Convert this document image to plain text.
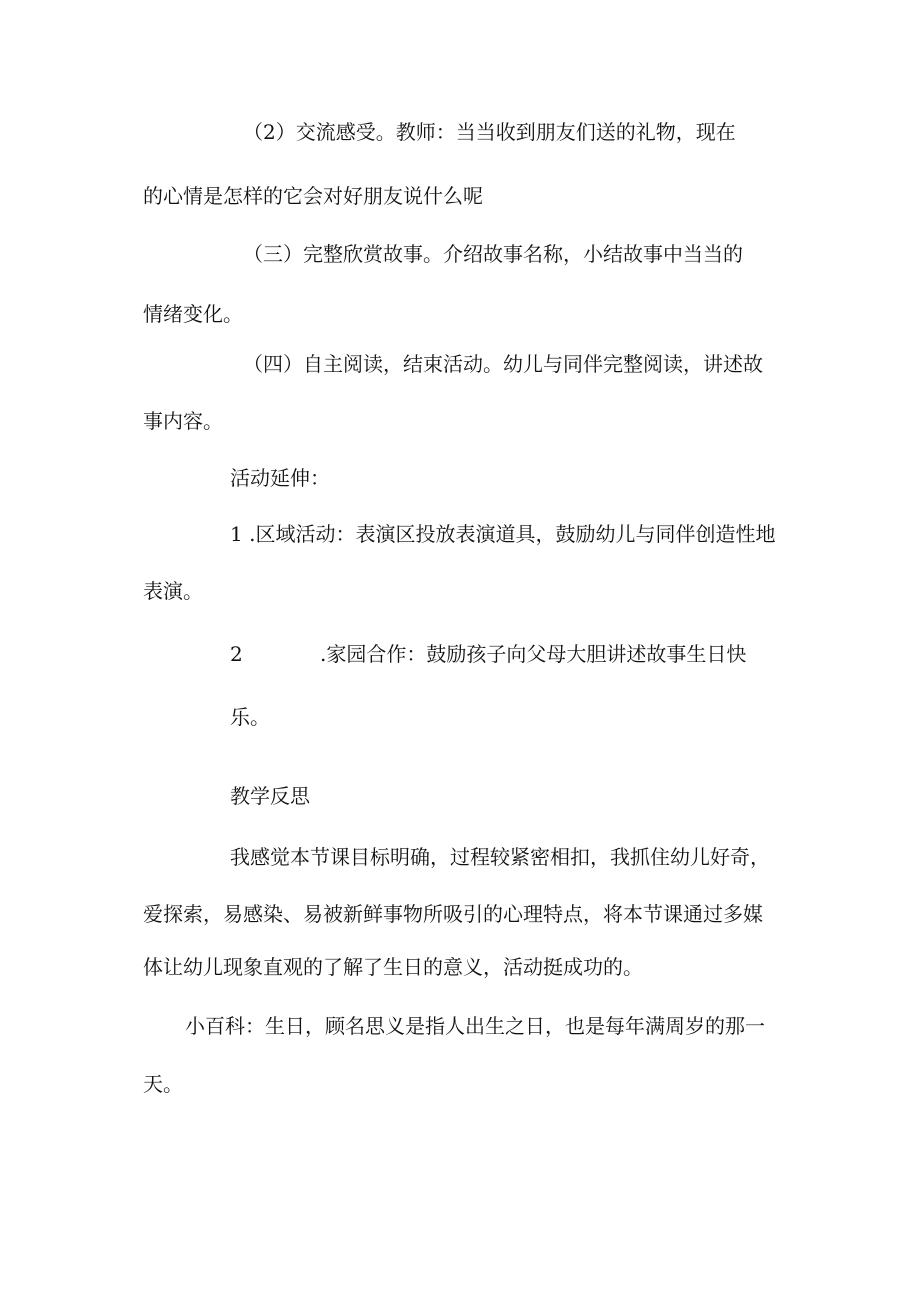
（2）交流感受。教师：当当收到朋友们送的礼物，现在

的心情是怎样的它会对好朋友说什么呢

（三）完整欣赏故事。介绍故事名称，小结故事中当当的

情绪变化。

（四）自主阅读，结束活动。幼儿与同伴完整阅读，讲述故

事内容。

活动延伸：

1 .区域活动：表演区投放表演道具，鼓励幼儿与同伴创造性地

表演。

2	.家园合作：鼓励孩子向父母大胆讲述故事生日快

乐。

教学反思

我感觉本节课目标明确，过程较紧密相扣，我抓住幼儿好奇，

爱探索，易感染、易被新鲜事物所吸引的心理特点，将本节课通过多媒

体让幼儿现象直观的了解了生日的意义，活动挺成功的。

小百科：生日，顾名思义是指人出生之日，也是每年满周岁的那一

天。
